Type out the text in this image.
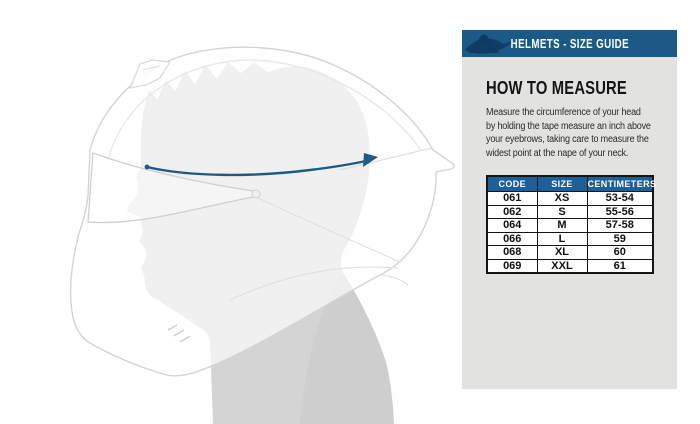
HELMETS - SIZE GUIDE
HOW TO MEASURE
Measure the circumference of your head
by holding the tape measure an inch above
your eyebrows, taking care to measure the
widest point at the nape of your neck.
CODE	SIZE	CENTIMETERS
061	XS	53-54
062	S	55-56
064	M	57-58
066	L	59
068	XL	60
069	XXL	61
